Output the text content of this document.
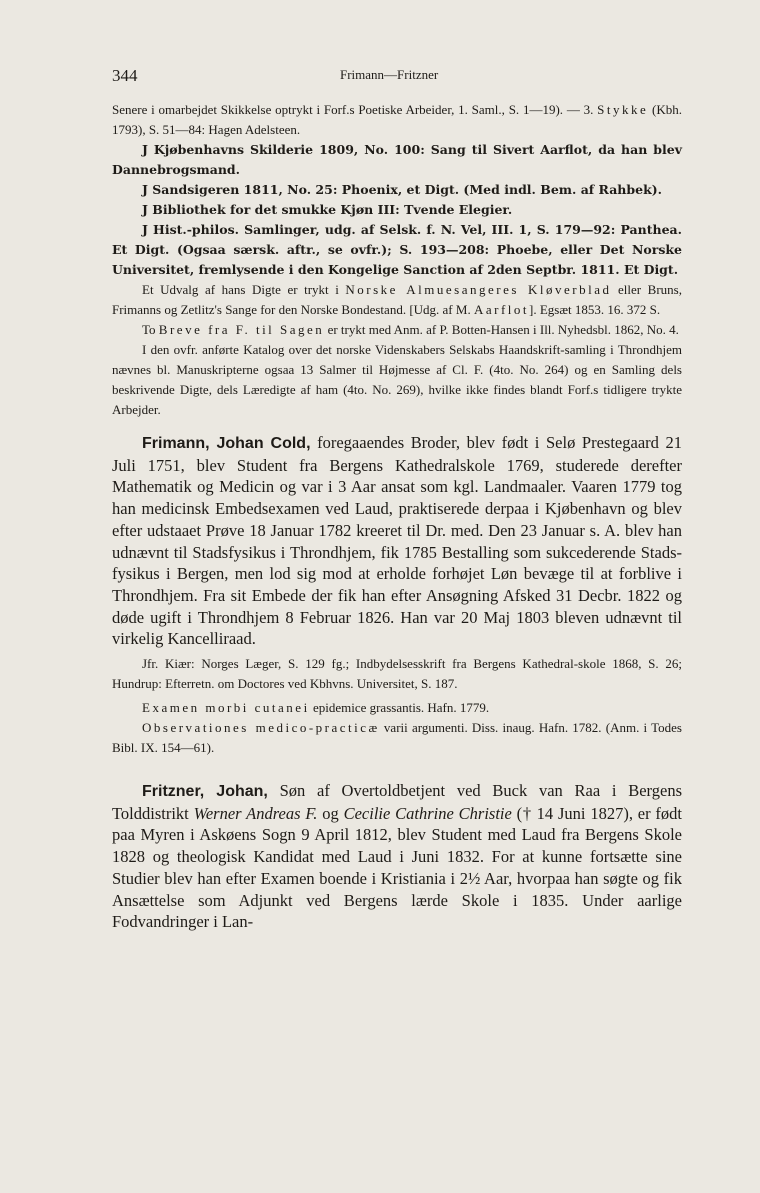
344	Frimann—Fritzner

Senere i omarbejdet Skikkelse optrykt i Forf.s Poetiske Arbeider, 1. Saml., S. 1—19). — 3. Stykke (Kbh. 1793), S. 51—84: Hagen Adelsteen.

J Kjøbenhavns Skilderie 1809, No. 100: Sang til Sivert Aarflot, da han blev Dannebrogsmand.

J Sandsigeren 1811, No. 25: Phoenix, et Digt. (Med indl. Bem. af Rahbek).

J Bibliothek for det smukke Kjøn III: Tvende Elegier.

J Hist.-philos. Samlinger, udg. af Selsk. f. N. Vel, III. 1, S. 179—92: Panthea. Et Digt. (Ogsaa særsk. aftr., se ovfr.); S. 193—208: Phoebe, eller Det Norske Universitet, fremlysende i den Kongelige Sanction af 2den Septbr. 1811. Et Digt.

Et Udvalg af hans Digte er trykt i Norske Almuesangeres Kløverblad eller Bruns, Frimanns og Zetlitz's Sange for den Norske Bondestand. [Udg. af M. Aarflot]. Egsæt 1853. 16. 372 S.

To Breve fra F. til Sagen er trykt med Anm. af P. Botten-Hansen i Ill. Nyhedsbl. 1862, No. 4.

I den ovfr. anførte Katalog over det norske Videnskabers Selskabs Haandskrift-samling i Throndhjem nævnes bl. Manuskripterne ogsaa 13 Salmer til Højmesse af Cl. F. (4to. No. 264) og en Samling dels beskrivende Digte, dels Læredigte af ham (4to. No. 269), hvilke ikke findes blandt Forf.s tidligere trykte Arbejder.

Frimann, Johan Cold, foregaaendes Broder, blev født i Selø Prestegaard 21 Juli 1751, blev Student fra Bergens Kathedralskole 1769, studerede derefter Mathematik og Medicin og var i 3 Aar ansat som kgl. Landmaaler. Vaaren 1779 tog han medicinsk Embedsexamen ved Laud, praktiserede derpaa i Kjøbenhavn og blev efter udstaaet Prøve 18 Januar 1782 kreeret til Dr. med. Den 23 Januar s. A. blev han udnævnt til Stadsfysikus i Throndhjem, fik 1785 Bestalling som sukcederende Stads-fysikus i Bergen, men lod sig mod at erholde forhøjet Løn bevæge til at forblive i Throndhjem. Fra sit Embede der fik han efter Ansøgning Afsked 31 Decbr. 1822 og døde ugift i Throndhjem 8 Februar 1826. Han var 20 Maj 1803 bleven udnævnt til virkelig Kancelliraad.

Jfr. Kiær: Norges Læger, S. 129 fg.; Indbydelsesskrift fra Bergens Kathedral-skole 1868, S. 26; Hundrup: Efterretn. om Doctores ved Kbhvns. Universitet, S. 187.

Examen morbi cutanei epidemice grassantis. Hafn. 1779.

Observationes medico-practicæ varii argumenti. Diss. inaug. Hafn. 1782. (Anm. i Todes Bibl. IX. 154—61).

Fritzner, Johan, Søn af Overtoldbetjent ved Buck van Raa i Bergens Tolddistrikt Werner Andreas F. og Cecilie Cathrine Christie († 14 Juni 1827), er født paa Myren i Askøens Sogn 9 April 1812, blev Student med Laud fra Bergens Skole 1828 og theologisk Kandidat med Laud i Juni 1832. For at kunne fortsætte sine Studier blev han efter Examen boende i Kristiania i 2½ Aar, hvorpaa han søgte og fik Ansættelse som Adjunkt ved Bergens lærde Skole i 1835. Under aarlige Fodvandringer i Lan-
